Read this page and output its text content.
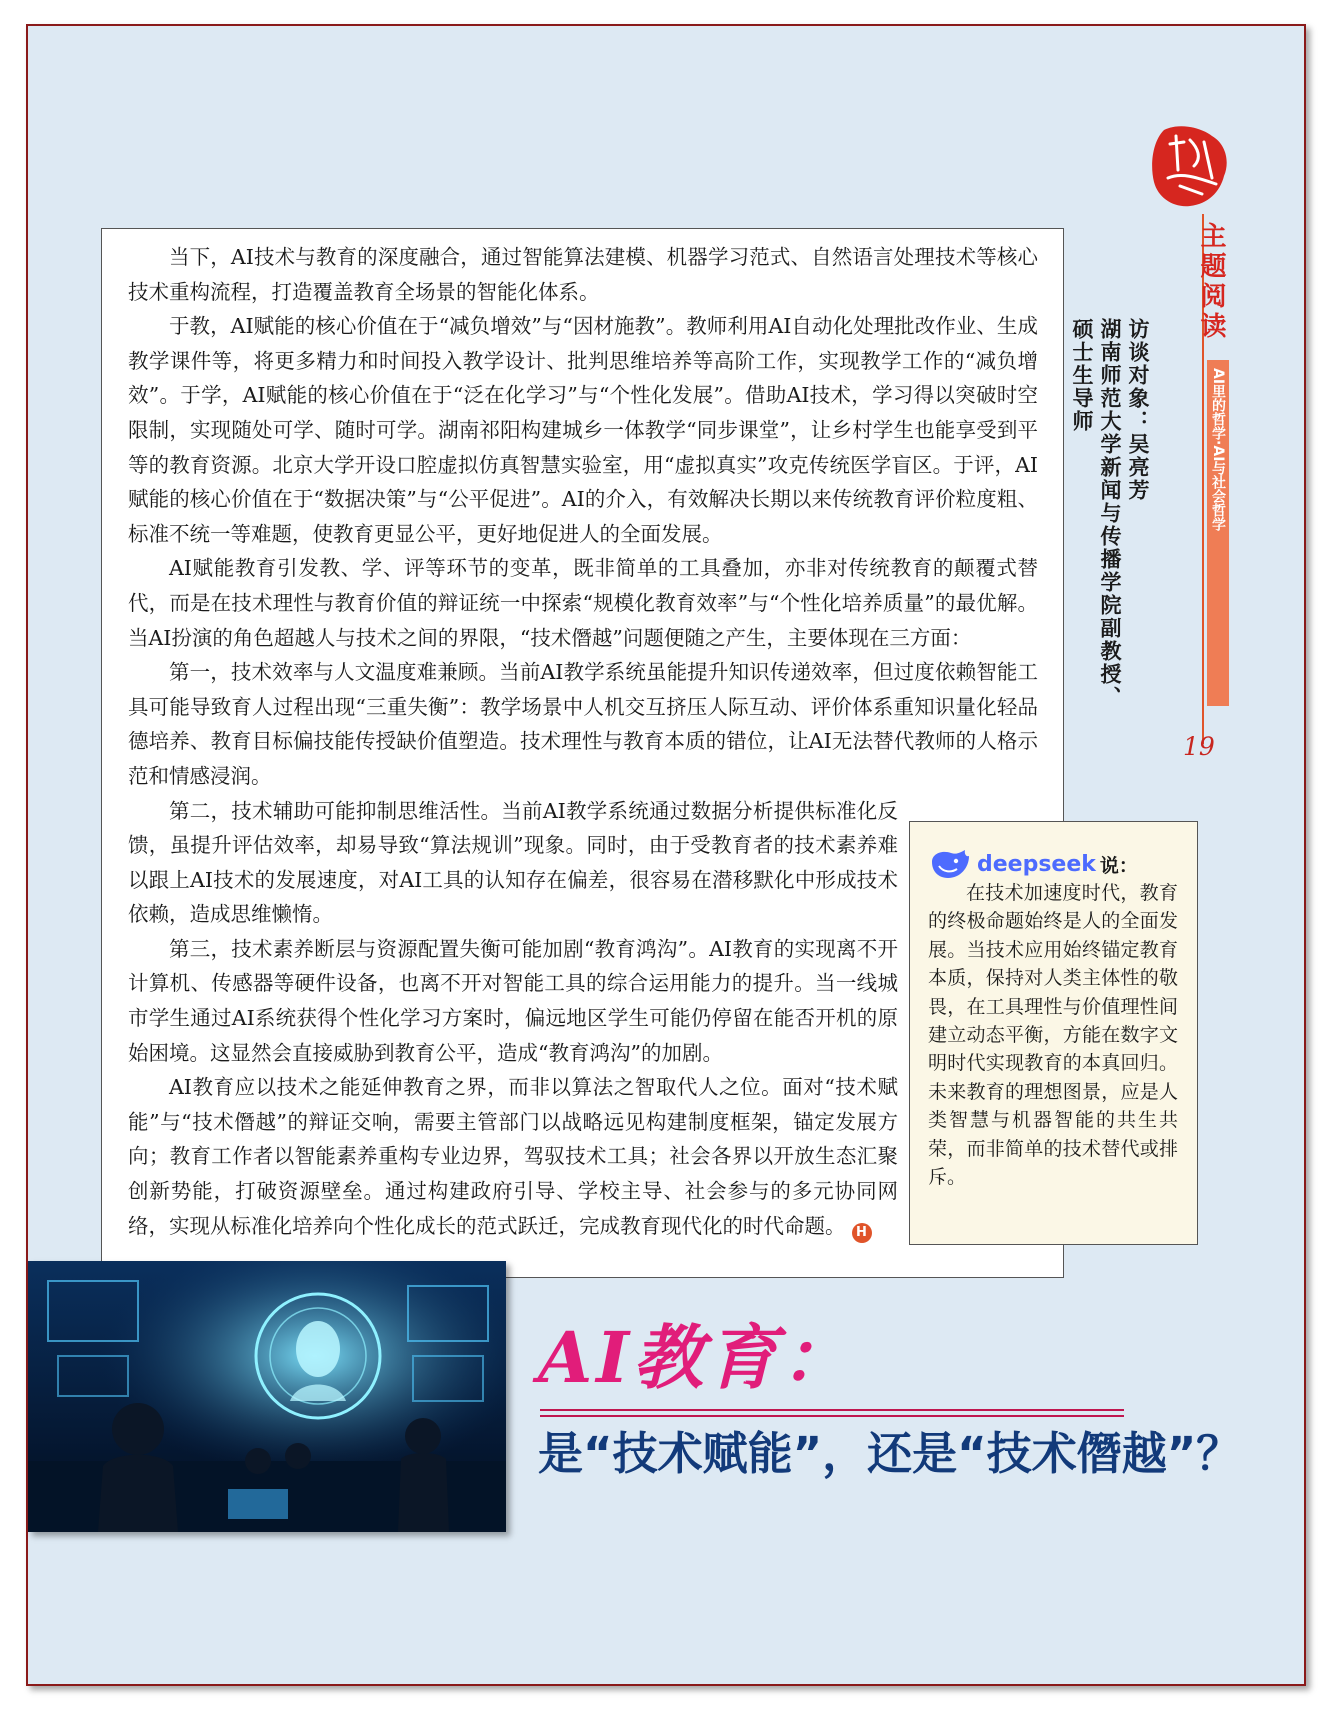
主题阅读
AI里的哲学·AI与社会哲学
19
访谈对象：吴亮芳
湖南师范大学新闻与传播学院副教授、
硕士生导师

当下，AI技术与教育的深度融合，通过智能算法建模、机器学习范式、自然语言处理技术等核心技术重构流程，打造覆盖教育全场景的智能化体系。

于教，AI赋能的核心价值在于“减负增效”与“因材施教”。教师利用AI自动化处理批改作业、生成教学课件等，将更多精力和时间投入教学设计、批判思维培养等高阶工作，实现教学工作的“减负增效”。于学，AI赋能的核心价值在于“泛在化学习”与“个性化发展”。借助AI技术，学习得以突破时空限制，实现随处可学、随时可学。湖南祁阳构建城乡一体教学“同步课堂”，让乡村学生也能享受到平等的教育资源。北京大学开设口腔虚拟仿真智慧实验室，用“虚拟真实”攻克传统医学盲区。于评，AI赋能的核心价值在于“数据决策”与“公平促进”。AI的介入，有效解决长期以来传统教育评价粒度粗、标准不统一等难题，使教育更显公平，更好地促进人的全面发展。

AI赋能教育引发教、学、评等环节的变革，既非简单的工具叠加，亦非对传统教育的颠覆式替代，而是在技术理性与教育价值的辩证统一中探索“规模化教育效率”与“个性化培养质量”的最优解。当AI扮演的角色超越人与技术之间的界限，“技术僭越”问题便随之产生，主要体现在三方面：

第一，技术效率与人文温度难兼顾。当前AI教学系统虽能提升知识传递效率，但过度依赖智能工具可能导致育人过程出现“三重失衡”：教学场景中人机交互挤压人际互动、评价体系重知识量化轻品德培养、教育目标偏技能传授缺价值塑造。技术理性与教育本质的错位，让AI无法替代教师的人格示范和情感浸润。

第二，技术辅助可能抑制思维活性。当前AI教学系统通过数据分析提供标准化反馈，虽提升评估效率，却易导致“算法规训”现象。同时，由于受教育者的技术素养难以跟上AI技术的发展速度，对AI工具的认知存在偏差，很容易在潜移默化中形成技术依赖，造成思维懒惰。

第三，技术素养断层与资源配置失衡可能加剧“教育鸿沟”。AI教育的实现离不开计算机、传感器等硬件设备，也离不开对智能工具的综合运用能力的提升。当一线城市学生通过AI系统获得个性化学习方案时，偏远地区学生可能仍停留在能否开机的原始困境。这显然会直接威胁到教育公平，造成“教育鸿沟”的加剧。

AI教育应以技术之能延伸教育之界，而非以算法之智取代人之位。面对“技术赋能”与“技术僭越”的辩证交响，需要主管部门以战略远见构建制度框架，锚定发展方向；教育工作者以智能素养重构专业边界，驾驭技术工具；社会各界以开放生态汇聚创新势能，打破资源壁垒。通过构建政府引导、学校主导、社会参与的多元协同网络，实现从标准化培养向个性化成长的范式跃迁，完成教育现代化的时代命题。 H

deepseek 说：

在技术加速度时代，教育的终极命题始终是人的全面发展。当技术应用始终锚定教育本质，保持对人类主体性的敬畏，在工具理性与价值理性间建立动态平衡，方能在数字文明时代实现教育的本真回归。未来教育的理想图景，应是人类智慧与机器智能的共生共荣，而非简单的技术替代或排斥。

AI教育：
是“技术赋能”，还是“技术僭越”？
